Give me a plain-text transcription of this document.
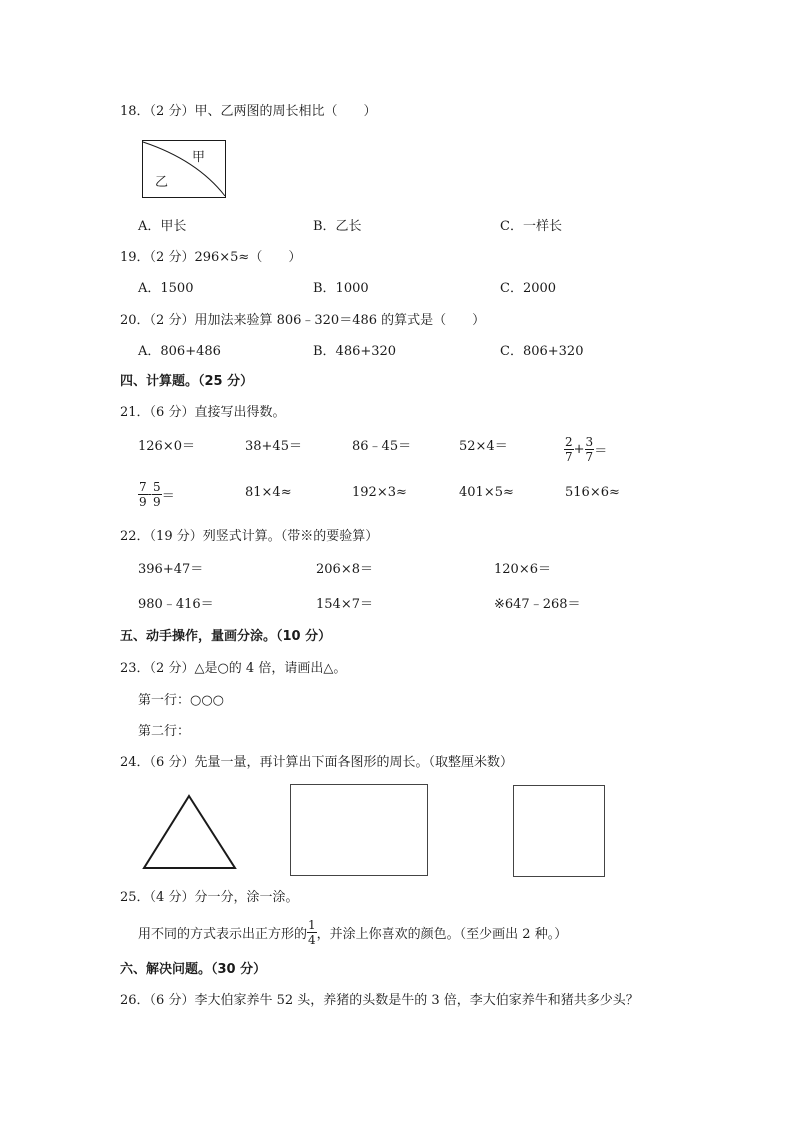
18．（2 分）甲、乙两图的周长相比（　　）
甲
乙
A．甲长	B．乙长	C．一样长
19．（2 分）296×5≈（　　）
A．1500	B．1000	C．2000
20．（2 分）用加法来验算 806﹣320＝486 的算式是（　　）
A．806+486	B．486+320	C．806+320
四、计算题。（25 分）
21．（6 分）直接写出得数。
126×0＝	38+45＝	86﹣45＝	52×4＝	$\frac{2}{7} + \frac{3}{7}$ ＝
$\frac{7}{9} - \frac{5}{9}$ ＝	81×4≈	192×3≈	401×5≈	516×6≈
22．（19 分）列竖式计算。（带※的要验算）
396+47＝	206×8＝	120×6＝
980﹣416＝	154×7＝	※647﹣268＝
五、动手操作，量画分涂。（10 分）
23．（2 分）△是○的 4 倍，请画出△。
第一行：○○○
第二行：
24．（6 分）先量一量，再计算出下面各图形的周长。（取整厘米数）
25．（4 分）分一分，涂一涂。
用不同的方式表示出正方形的 $\frac{1}{4}$ ，并涂上你喜欢的颜色。（至少画出 2 种。）
六、解决问题。（30 分）
26．（6 分）李大伯家养牛 52 头，养猪的头数是牛的 3 倍，李大伯家养牛和猪共多少头？
